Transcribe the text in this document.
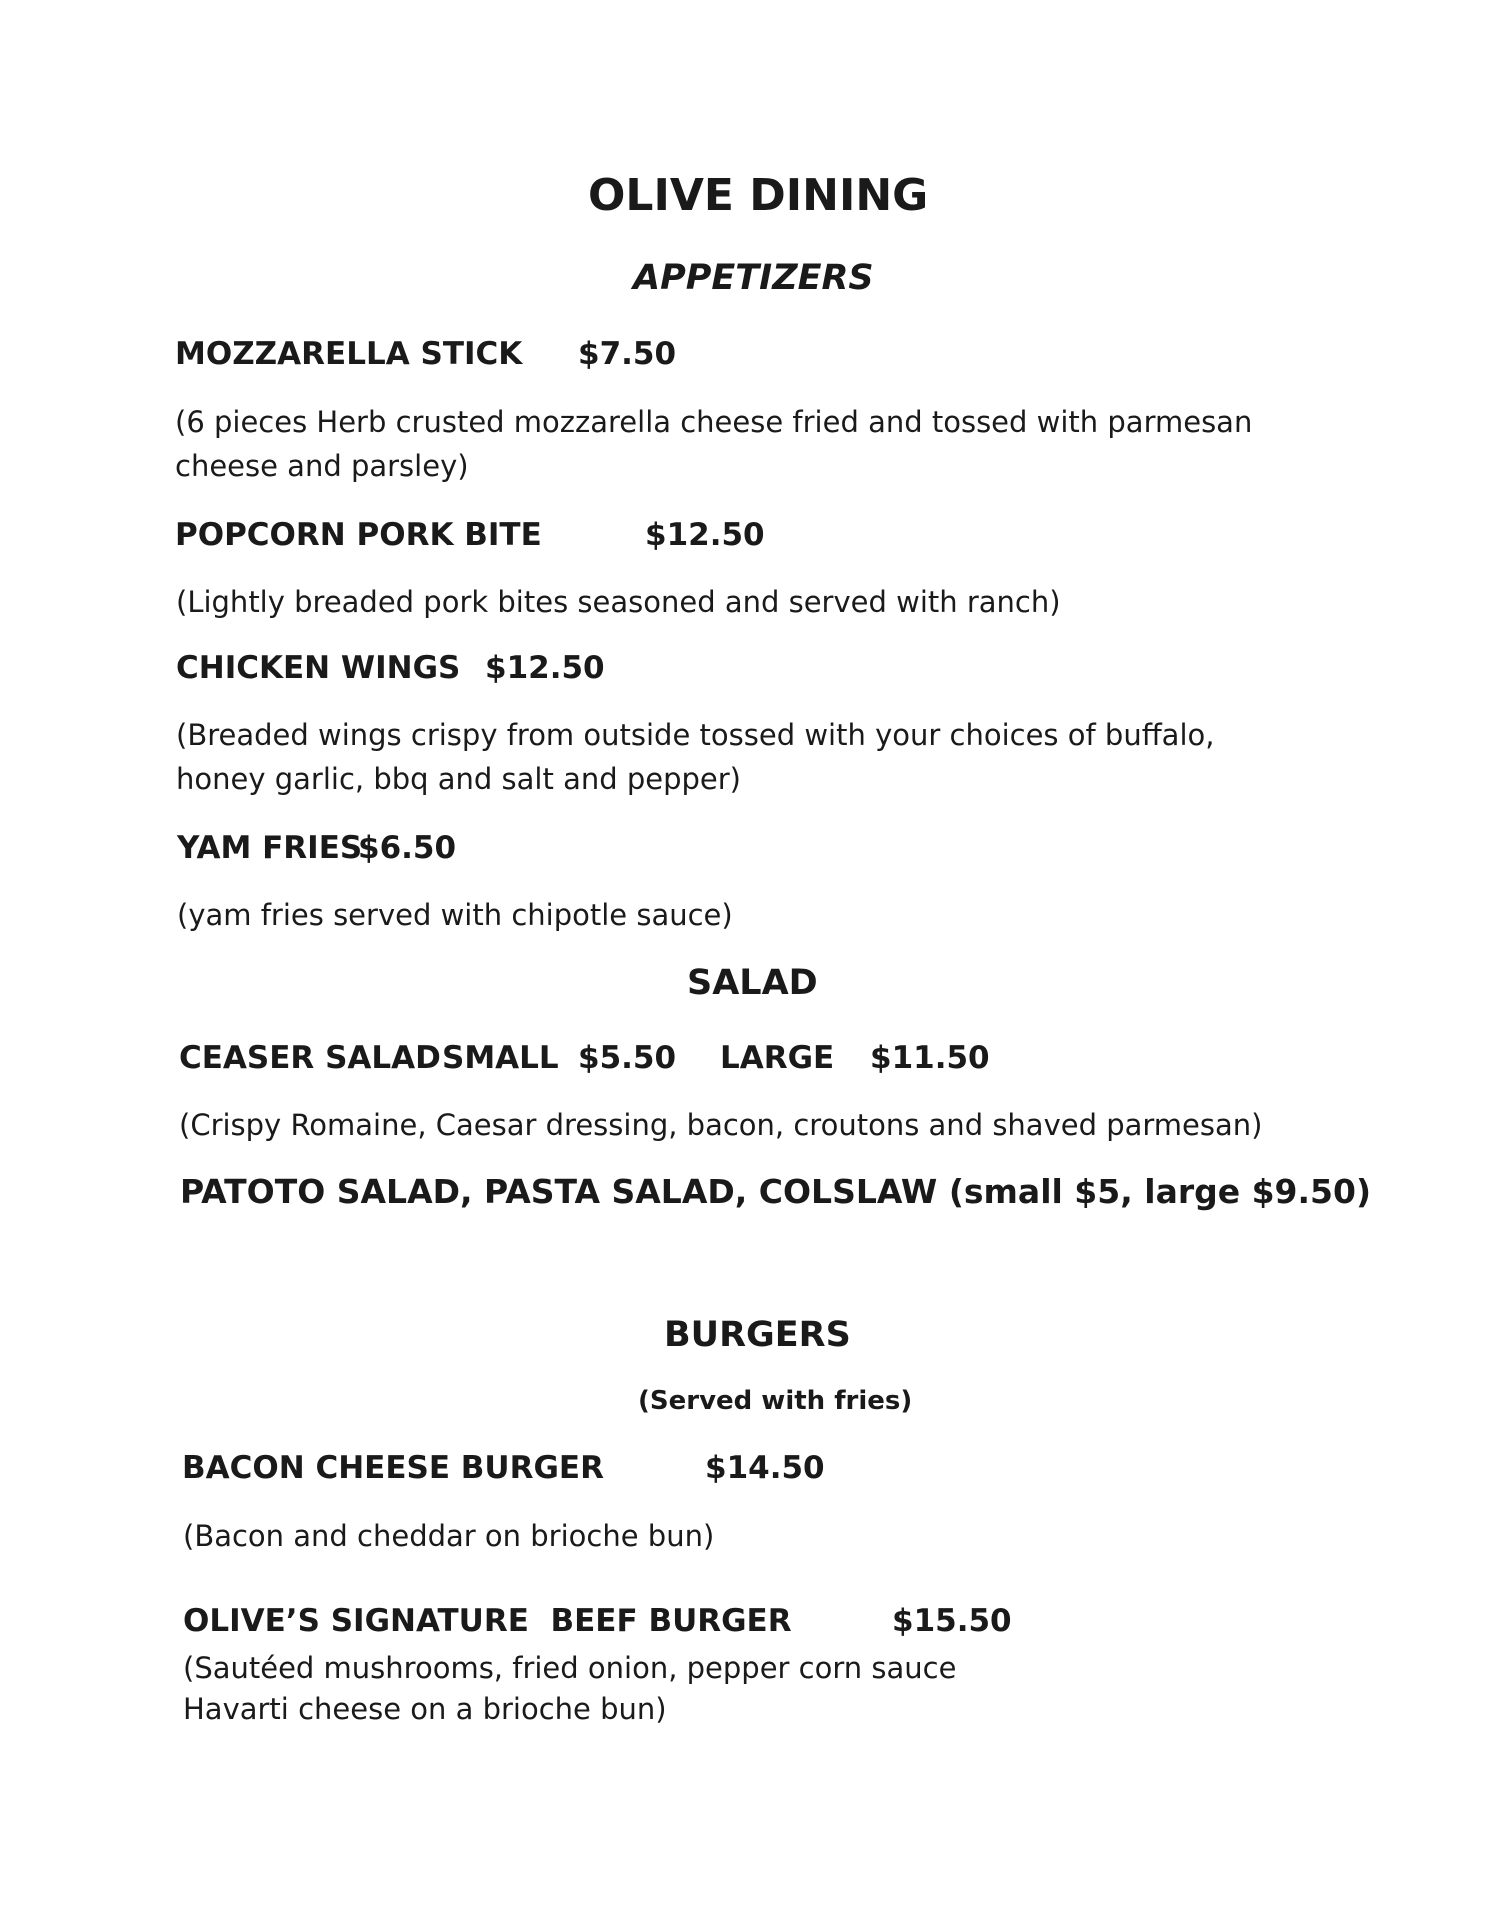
OLIVE DINING
APPETIZERS
MOZZARELLA STICK $7.50
(6 pieces Herb crusted mozzarella cheese fried and tossed with parmesan cheese and parsley)
POPCORN PORK BITE	$12.50
(Lightly breaded pork bites seasoned and served with ranch)
CHICKEN WINGS $12.50
(Breaded wings crispy from outside tossed with your choices of buffalo, honey garlic, bbq and salt and pepper)
YAM FRIES
$6.50
(yam fries served with chipotle sauce)
SALAD
CEASER SALAD SMALL $5.50 LARGE $11.50
(Crispy Romaine, Caesar dressing, bacon, croutons and shaved parmesan)
PATOTO SALAD, PASTA SALAD, COLSLAW (small $5, large $9.50)
BURGERS
(Served with fries)
BACON CHEESE BURGER	$14.50
(Bacon and cheddar on brioche bun)
OLIVE’S SIGNATURE  BEEF BURGER	$15.50
(Sautéed mushrooms, fried onion, pepper corn sauce
Havarti cheese on a brioche bun)
